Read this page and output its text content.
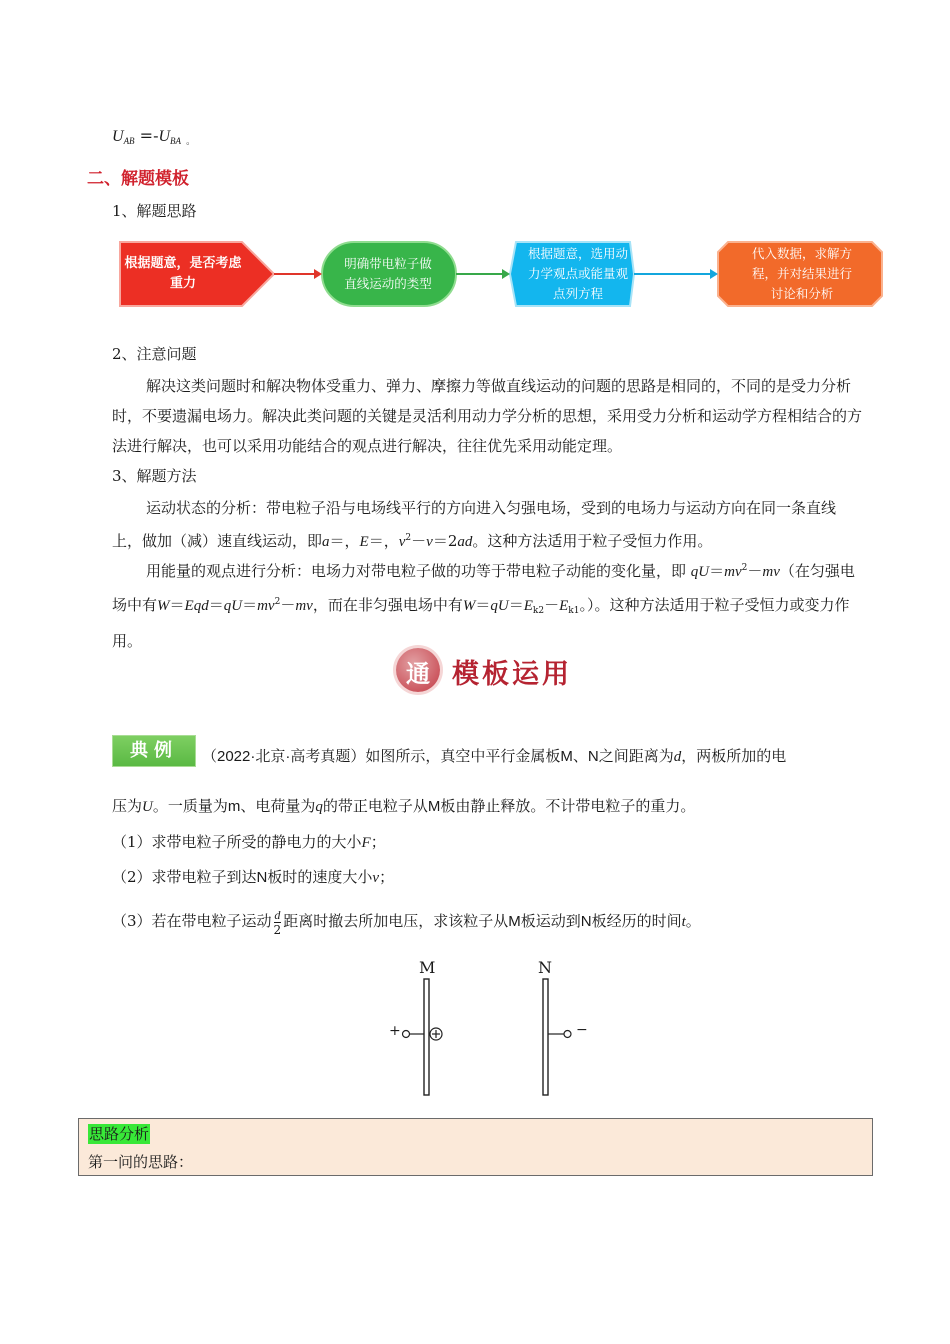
$U_{AB} =-U_{BA}$ $_。$
二、解题模板
1、解题思路
根据题意，是否考虑重力
明确带电粒子做直线运动的类型
根据题意，选用动力学观点或能量观点列方程
代入数据，求解方程，并对结果进行讨论和分析
2、注意问题
解决这类问题时和解决物体受重力、弹力、摩擦力等做直线运动的问题的思路是相同的，不同的是受力分析时，不要遗漏电场力。解决此类问题的关键是灵活利用动力学分析的思想，采用受力分析和运动学方程相结合的方法进行解决，也可以采用功能结合的观点进行解决，往往优先采用动能定理。
3、解题方法
运动状态的分析：带电粒子沿与电场线平行的方向进入匀强电场，受到的电场力与运动方向在同一条直线上，做加（减）速直线运动，即a＝，E＝，$v^2-v=2ad$。这种方法适用于粒子受恒力作用。
用能量的观点进行分析：电场力对带电粒子做的功等于带电粒子动能的变化量，即 $qU=mv^2-mv$（在匀强电场中有$W=Eqd=qU=mv^2-mv$，而在非匀强电场中有$W=qU=E_{k2}-E_{k1}$。）。这种方法适用于粒子受恒力或变力作用。
通 模板运用
典例	（2022·北京·高考真题）如图所示，真空中平行金属板M、N之间距离为d，两板所加的电
压为U。一质量为m、电荷量为q的带正电粒子从M板由静止释放。不计带电粒子的重力。
（1）求带电粒子所受的静电力的大小F；
（2）求带电粒子到达N板时的速度大小v；
（3）若在带电粒子运动 $\frac{d}{2}$ 距离时撤去所加电压，求该粒子从M板运动到N板经历的时间t。
M	N
+	−
思路分析
第一问的思路：
